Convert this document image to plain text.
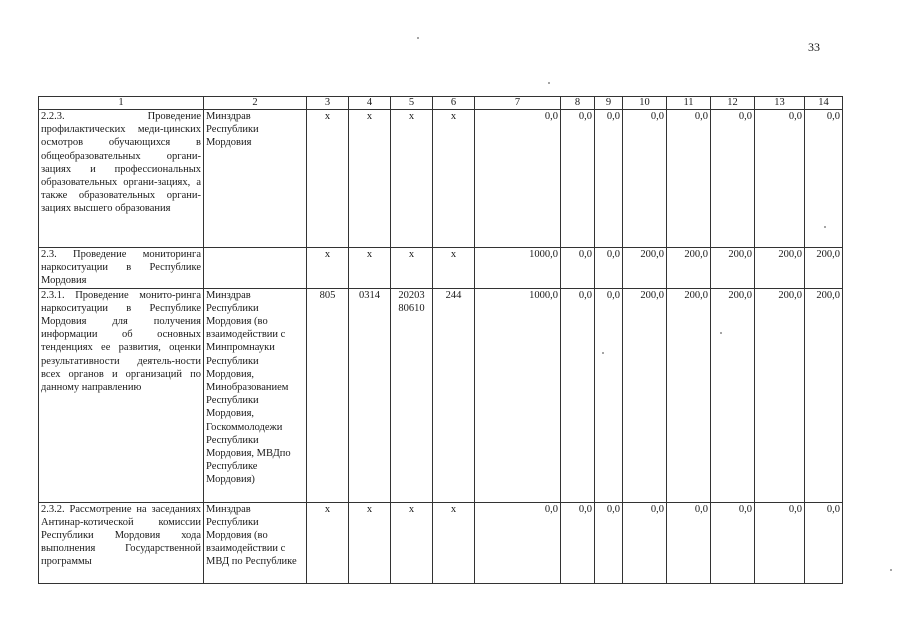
33
1	2	3	4	5	6	7	8	9	10	11	12	13	14
2.2.3. Проведение профилактических меди-цинских осмотров обучающихся в общеобразовательных органи-зациях и профессиональных образовательных органи-зациях, а также образовательных органи-зациях высшего образования	Минздрав Республики Мордовия	x	x	x	x	0,0	0,0	0,0	0,0	0,0	0,0	0,0	0,0
2.3. Проведение мониторинга наркоситуации в Республике Мордовия		x	x	x	x	1000,0	0,0	0,0	200,0	200,0	200,0	200,0	200,0
2.3.1. Проведение монито-ринга наркоситуации в Республике Мордовия для получения информации об основных тенденциях ее развития, оценки результативности деятель-ности всех органов и организаций по данному направлению	Минздрав Республики Мордовия (во взаимодействии с Минпромнауки Республики Мордовия, Минобразованием Республики Мордовия, Госкоммолодежи Республики Мордовия, МВДпо Республике Мордовия)	805	0314	20203 80610	244	1000,0	0,0	0,0	200,0	200,0	200,0	200,0	200,0
2.3.2. Рассмотрение на заседаниях Антинар-котической комиссии Республики Мордовия хода выполнения Государственной программы	Минздрав Республики Мордовия (во взаимодействии с МВД по Республике	x	x	x	x	0,0	0,0	0,0	0,0	0,0	0,0	0,0	0,0
